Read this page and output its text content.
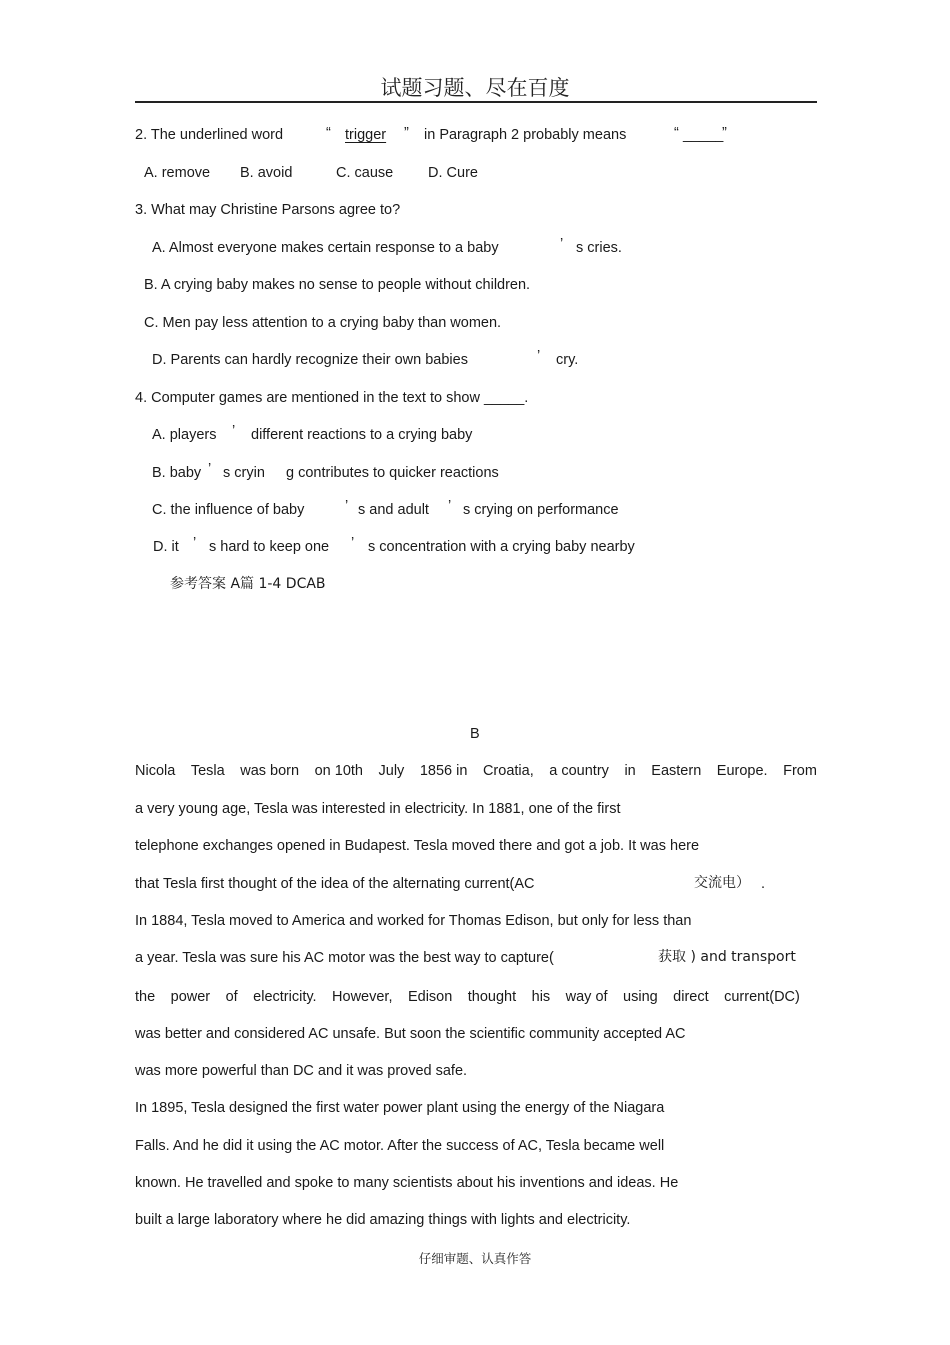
试题习题、尽在百度
2. The underlined word	“ trigger	” in Paragraph 2 probably means	“ _____
”
A. remove B. avoid	C. cause D. Cure
3. What may Christine Parsons agree to?
A. Almost everyone makes certain response to a baby	’ s cries.
B. A crying baby makes no sense to people without children.
C. Men pay less attention to a crying baby than women.
D. Parents can hardly recognize their own babies	’ cry.
4. Computer games are mentioned in the text to show _____.
A. players ’ different reactions to a crying baby
B. baby ’ s cryin g contributes to quicker reactions
C. the influence of baby	’ s and adult ’ s crying on performance
D. it ’ s hard to keep one ’ s concentration with a crying baby nearby
参考答案 A篇 1-4 DCAB
B
Nicola Tesla was born on 10th July 1856 in Croatia, a country in Eastern Europe. From
a very young age, Tesla was interested in electricity. In 1881, one of the first
telephone exchanges opened in Budapest. Tesla moved there and got a job. It was here
that Tesla first thought of the idea of the alternating current(AC	交流电） .
In 1884, Tesla moved to America and worked for Thomas Edison, but only for less than
a year. Tesla was sure his AC motor was the best way to capture(	获取 ) and transport
the power of electricity. However, Edison thought his way of using direct current(DC)
was better and considered AC unsafe. But soon the scientific community accepted AC
was more powerful than DC and it was proved safe.
In 1895, Tesla designed the first water power plant using the energy of the Niagara
Falls. And he did it using the AC motor. After the success of AC, Tesla became well
known. He travelled and spoke to many scientists about his inventions and ideas. He
built a large laboratory where he did amazing things with lights and electricity.
仔细审题、认真作答
